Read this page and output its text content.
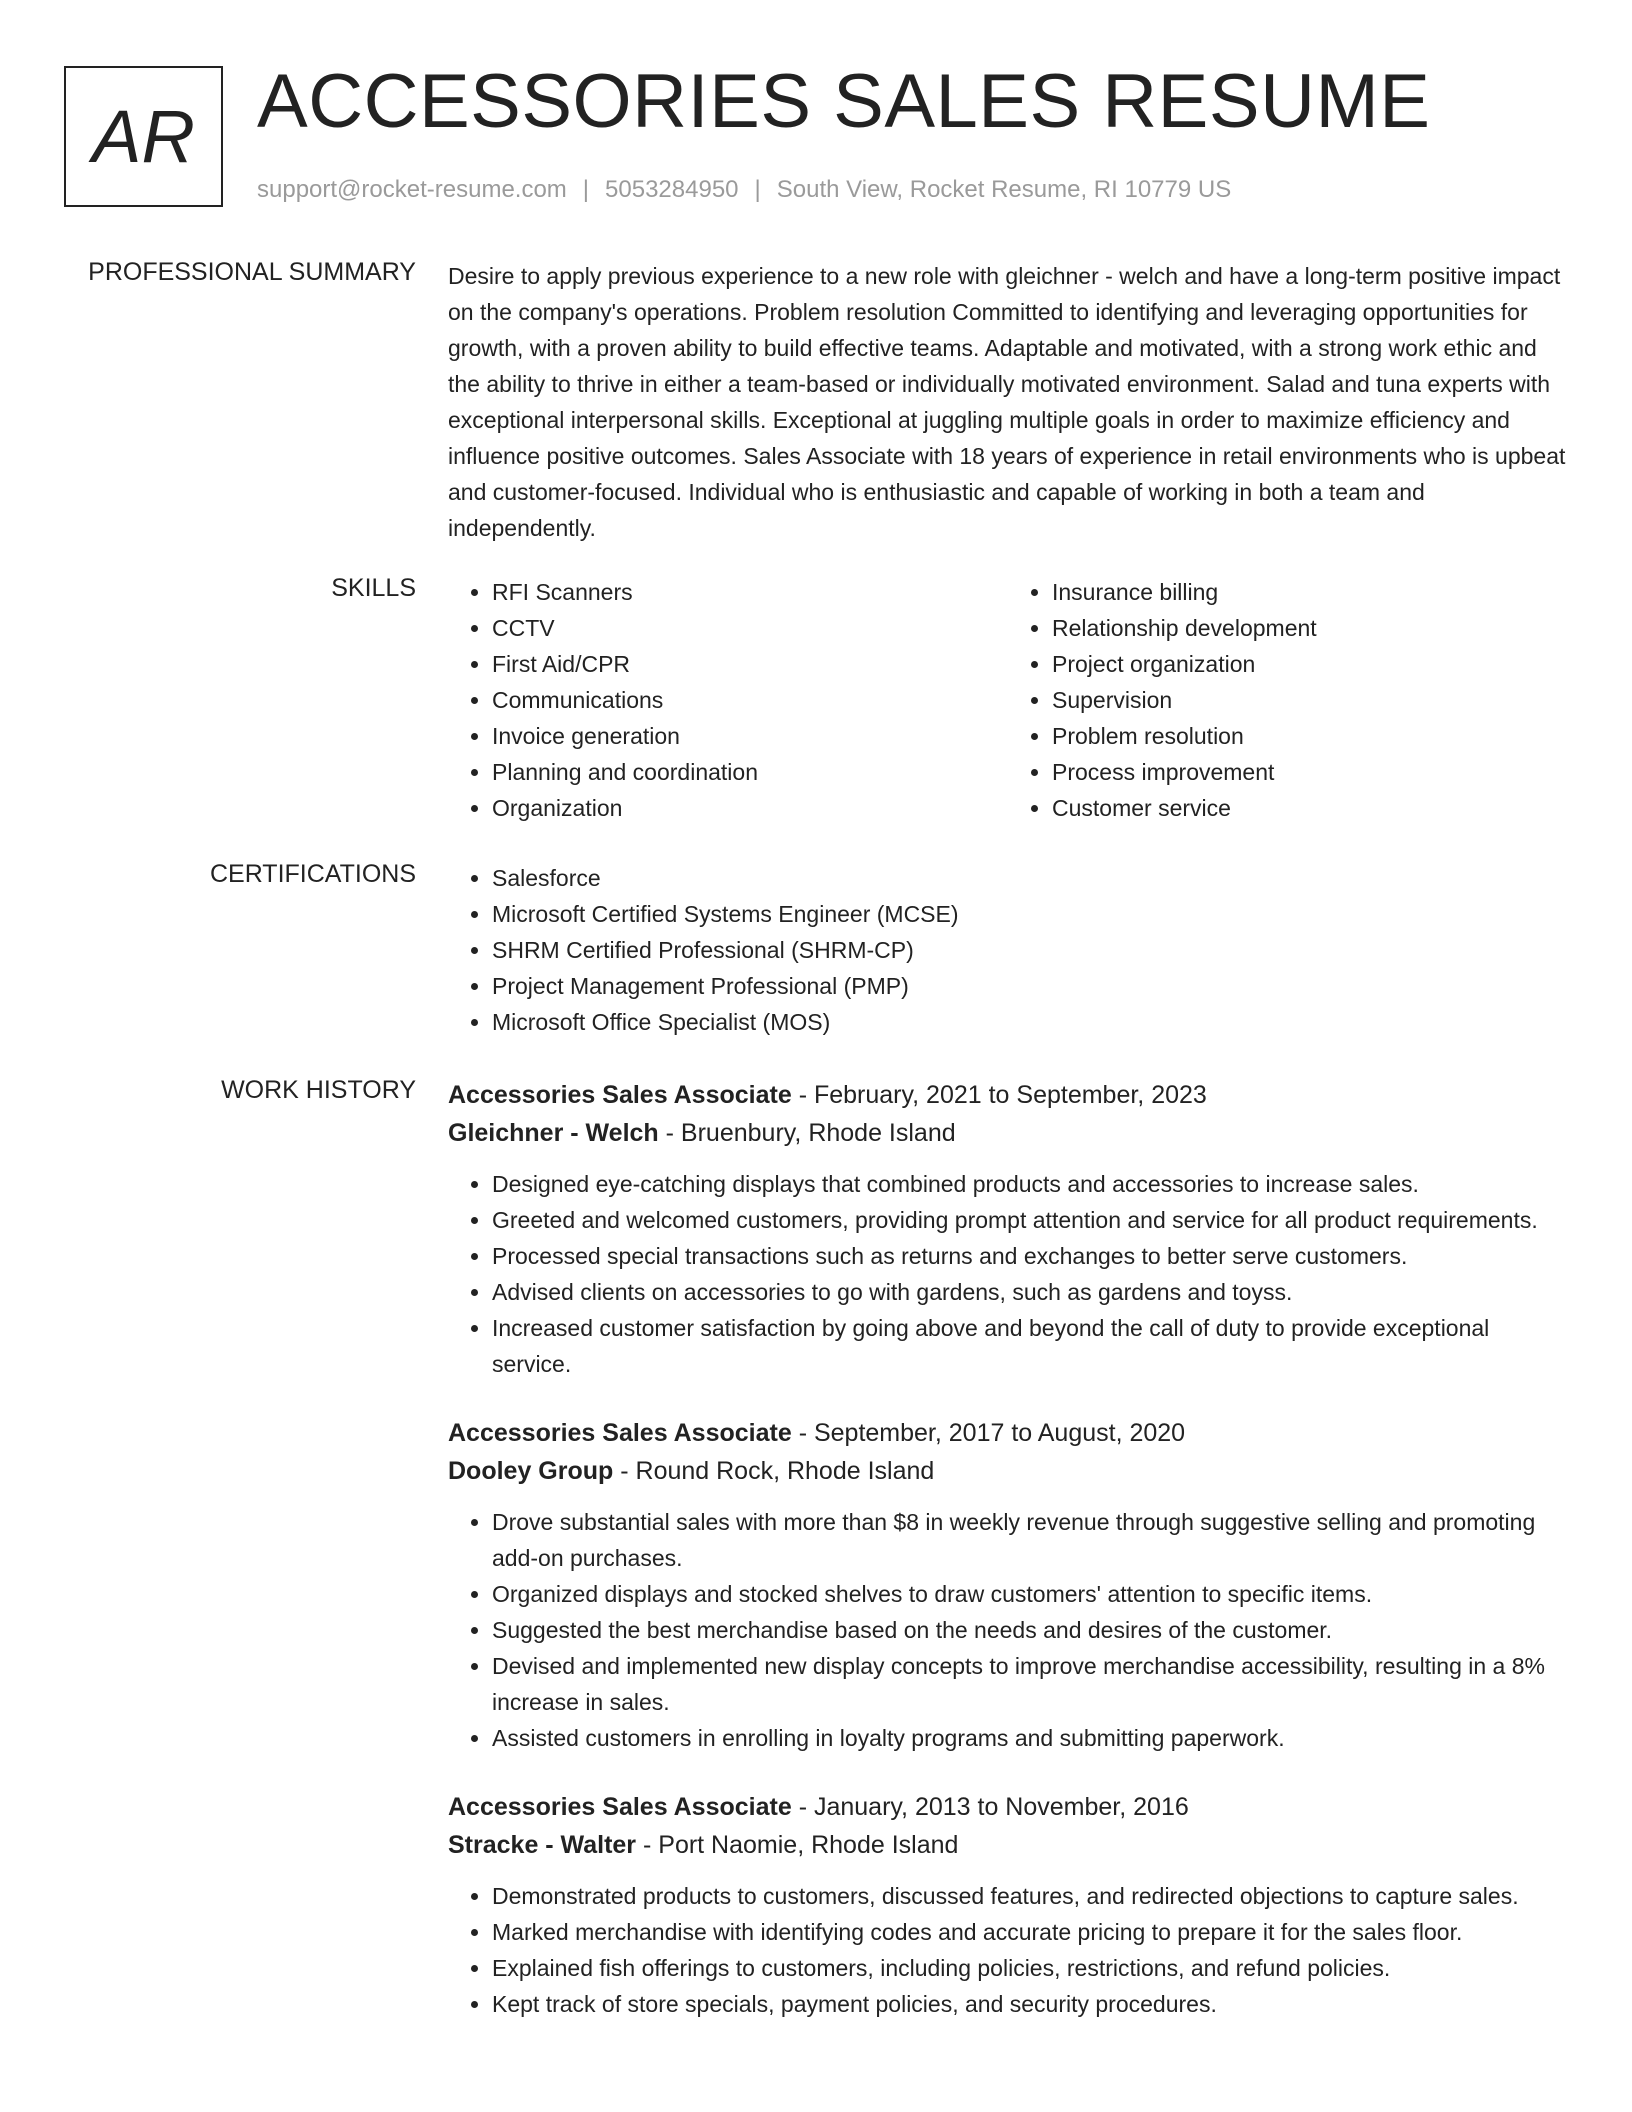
AR ACCESSORIES SALES RESUME
support@rocket-resume.com | 5053284950 | South View, Rocket Resume, RI 10779 US
PROFESSIONAL SUMMARY Desire to apply previous experience to a new role with gleichner - welch and have a long-term positive impact on the company's operations. Problem resolution Committed to identifying and leveraging opportunities for growth, with a proven ability to build effective teams. Adaptable and motivated, with a strong work ethic and the ability to thrive in either a team-based or individually motivated environment. Salad and tuna experts with exceptional interpersonal skills. Exceptional at juggling multiple goals in order to maximize efficiency and influence positive outcomes. Sales Associate with 18 years of experience in retail environments who is upbeat and customer-focused. Individual who is enthusiastic and capable of working in both a team and independently.

SKILLS	• RFI Scanners
• CCTV
• First Aid/CPR
• Communications
• Invoice generation
• Planning and coordination
• Organization
• Insurance billing
• Relationship development
• Project organization
• Supervision
• Problem resolution
• Process improvement
• Customer service
CERTIFICATIONS	• Salesforce
• Microsoft Certified Systems Engineer (MCSE)
• SHRM Certified Professional (SHRM-CP)
• Project Management Professional (PMP)
• Microsoft Office Specialist (MOS)
WORK HISTORY Accessories Sales Associate - February, 2021 to September, 2023
Gleichner - Welch - Bruenbury, Rhode Island
• Designed eye-catching displays that combined products and accessories to increase sales.
• Greeted and welcomed customers, providing prompt attention and service for all product requirements.
• Processed special transactions such as returns and exchanges to better serve customers.
• Advised clients on accessories to go with gardens, such as gardens and toyss.
• Increased customer satisfaction by going above and beyond the call of duty to provide exceptional service.
Accessories Sales Associate - September, 2017 to August, 2020
Dooley Group - Round Rock, Rhode Island
• Drove substantial sales with more than $8 in weekly revenue through suggestive selling and promoting add-on purchases.
• Organized displays and stocked shelves to draw customers' attention to specific items.
• Suggested the best merchandise based on the needs and desires of the customer.
• Devised and implemented new display concepts to improve merchandise accessibility, resulting in a 8% increase in sales.
• Assisted customers in enrolling in loyalty programs and submitting paperwork.
Accessories Sales Associate - January, 2013 to November, 2016
Stracke - Walter - Port Naomie, Rhode Island
• Demonstrated products to customers, discussed features, and redirected objections to capture sales.
• Marked merchandise with identifying codes and accurate pricing to prepare it for the sales floor.
• Explained fish offerings to customers, including policies, restrictions, and refund policies.
• Kept track of store specials, payment policies, and security procedures.
